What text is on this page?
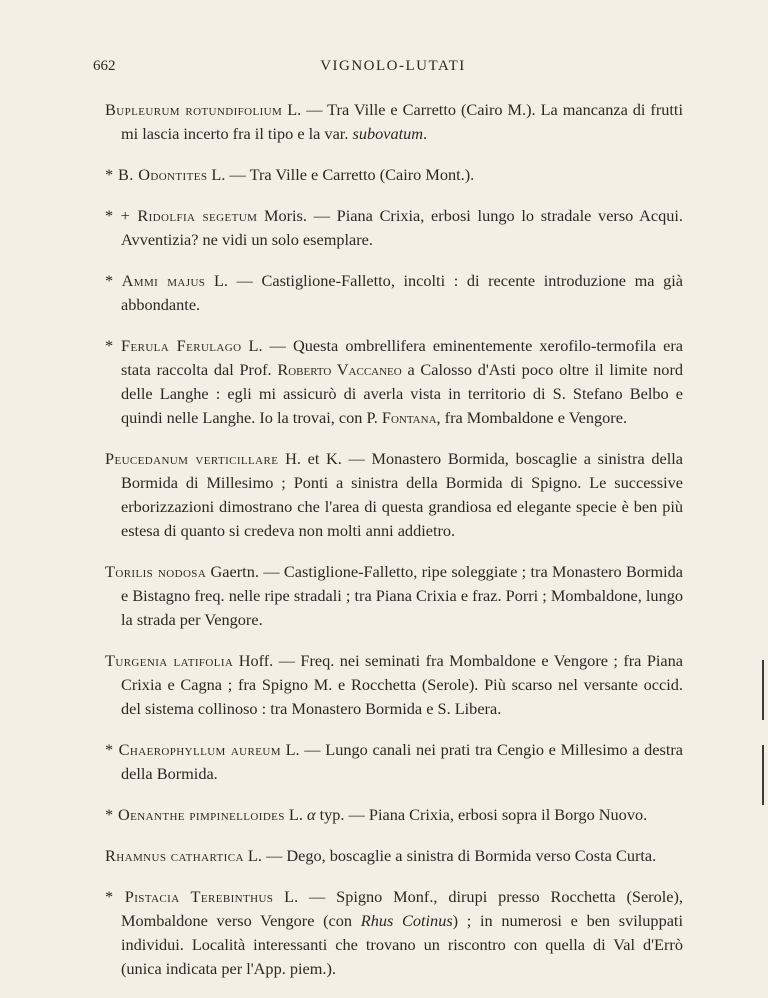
662	VIGNOLO-LUTATI

Bupleurum rotundifolium L. — Tra Ville e Carretto (Cairo M.). La mancanza di frutti mi lascia incerto fra il tipo e la var. subovatum.

* B. Odontites L. — Tra Ville e Carretto (Cairo Mont.).

* + Ridolfia segetum Moris. — Piana Crixia, erbosi lungo lo stradale verso Acqui. Avventizia? ne vidi un solo esemplare.

* Ammi majus L. — Castiglione-Falletto, incolti : di recente introduzione ma già abbondante.

* Ferula Ferulago L. — Questa ombrellifera eminentemente xerofilo-termofila era stata raccolta dal Prof. Roberto Vaccaneo a Calosso d'Asti poco oltre il limite nord delle Langhe : egli mi assicurò di averla vista in territorio di S. Stefano Belbo e quindi nelle Langhe. Io la trovai, con P. Fontana, fra Mombaldone e Vengore.

Peucedanum verticillare H. et K. — Monastero Bormida, boscaglie a sinistra della Bormida di Millesimo ; Ponti a sinistra della Bormida di Spigno. Le successive erborizzazioni dimostrano che l'area di questa grandiosa ed elegante specie è ben più estesa di quanto si credeva non molti anni addietro.

Torilis nodosa Gaertn. — Castiglione-Falletto, ripe soleggiate ; tra Monastero Bormida e Bistagno freq. nelle ripe stradali ; tra Piana Crixia e fraz. Porri ; Mombaldone, lungo la strada per Vengore.

Turgenia latifolia Hoff. — Freq. nei seminati fra Mombaldone e Vengore ; fra Piana Crixia e Cagna ; fra Spigno M. e Rocchetta (Serole). Più scarso nel versante occid. del sistema collinoso : tra Monastero Bormida e S. Libera.

* Chaerophyllum aureum L. — Lungo canali nei prati tra Cengio e Millesimo a destra della Bormida.

* Oenanthe pimpinelloides L. α typ. — Piana Crixia, erbosi sopra il Borgo Nuovo.

Rhamnus cathartica L. — Dego, boscaglie a sinistra di Bormida verso Costa Curta.

* Pistacia Terebinthus L. — Spigno Monf., dirupi presso Rocchetta (Serole), Mombaldone verso Vengore (con Rhus Cotinus) ; in numerosi e ben sviluppati individui. Località interessanti che trovano un riscontro con quella di Val d'Errò (unica indicata per l'App. piem.).
